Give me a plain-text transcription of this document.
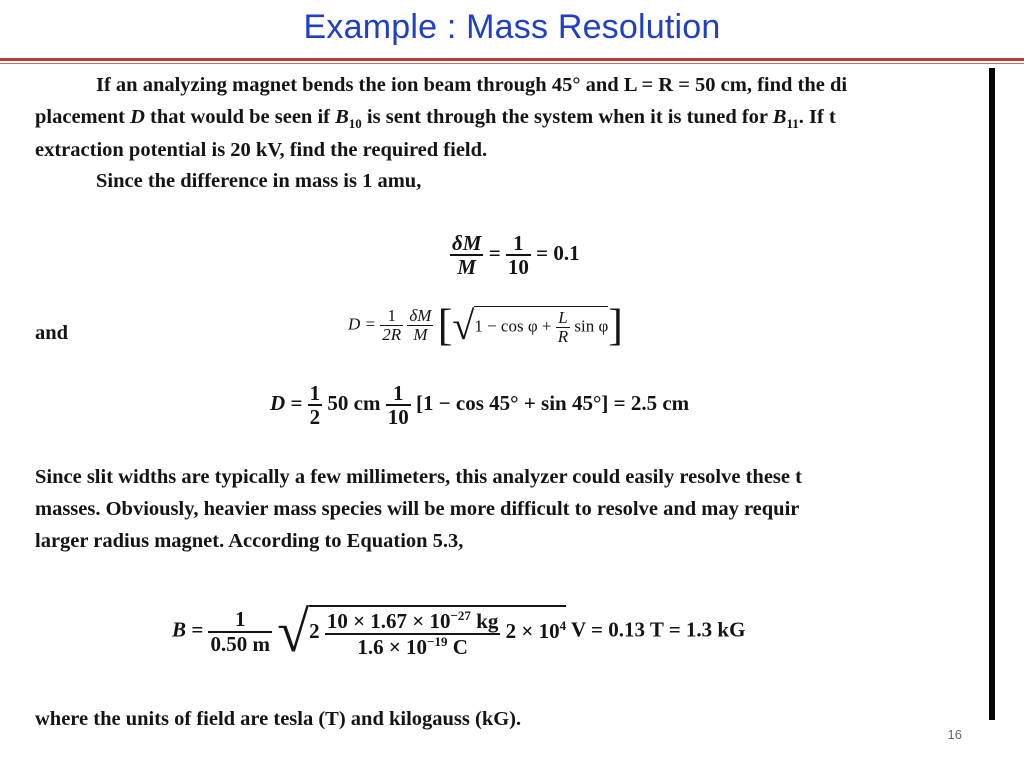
Example : Mass Resolution
If an analyzing magnet bends the ion beam through 45° and L = R = 50 cm, find the di
placement D that would be seen if $B_{10}$ is sent through the system when it is tuned for $B_{11}$. If t
extraction potential is 20 kV, find the required field.
Since the difference in mass is 1 amu,
$\frac{\delta M}{M} = \frac{1}{10} = 0.1$
and	$D = \frac{1}{2R}$
$\frac{\delta M}{M} [√1 - \cos \varphi + \frac{L}{R}$ sin φ]
$D = \frac{1}{2} 50$ cm $\frac{1}{10} [1 - \cos 45^\circ + \sin 45^\circ] = 2.5$ cm
Since slit widths are typically a few millimeters, this analyzer could easily resolve these t
masses. Obviously, heavier mass species will be more difficult to resolve and may requir
larger radius magnet. According to Equation 5.3,
$B = \frac{1}{0.50 m} √2 \frac{10 \times 1.67 \times 10^{-27} kg}{1.6 \times 10^{-19} C} 2 \times 10^4$ V = 0.13 T = 1.3 kG
where the units of field are tesla (T) and kilogauss (kG).
16
